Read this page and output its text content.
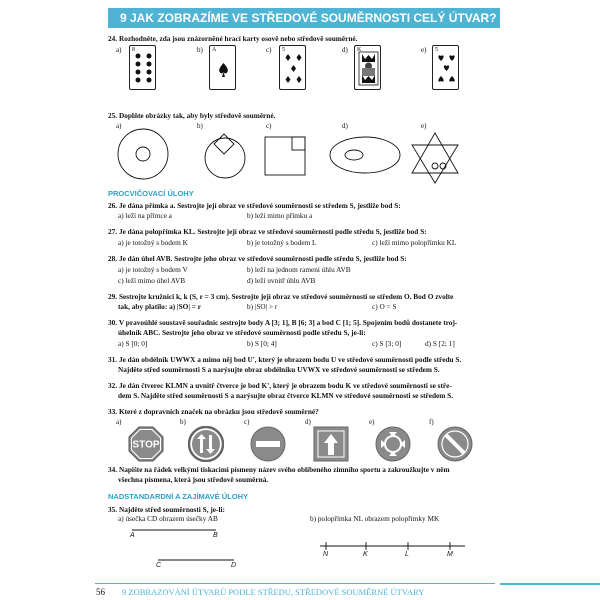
9 JAK ZOBRAZÍME VE STŘEDOVÉ SOUMĚRNOSTI CELÝ ÚTVAR?
24. Rozhodněte, zda jsou znázorněné hrací karty osově nebo středově souměrné.
a)	b)	c)	d)	e)
8	A	5	K	5
25. Doplňte obrázky tak, aby byly středově souměrné.
a)	b)	c)	d)	e)
PROCVIČOVACÍ ÚLOHY
26. Je dána přímka a. Sestrojte její obraz ve středové souměrnosti se středem S, jestliže bod S:
a) leží na přímce a	b) leží mimo přímku a
27. Je dána polopřímka KL. Sestrojte její obraz ve středové souměrnosti podle středu S, jestliže bod S:
a) je totožný s bodem K	b) je totožný s bodem L	c) leží mimo polopřímku KL
28. Je dán úhel AVB. Sestrojte jeho obraz ve středové souměrnosti podle středu S, jestliže bod S:
a) je totožný s bodem V	b) leží na jednom rameni úhlu AVB
c) leží mimo úhel AVB	d) leží uvnitř úhlu AVB
29. Sestrojte kružnici k, k (S, r = 3 cm). Sestrojte její obraz ve středové souměrnosti se středem O. Bod O zvolte
tak, aby platilo: a) |SO| = r	b) |SO| > r	c) O = S
30. V pravoúhlé soustavě souřadnic sestrojte body A [3; 1], B [6; 3] a bod C [1; 5]. Spojením bodů dostanete troj-
úhelník ABC. Sestrojte jeho obraz ve středové souměrnosti podle středu S, je-li:
a) S [0; 0]	b) S [0; 4]	c) S [3; 0]	d) S [2; 1]
31. Je dán obdélník UWWX a mimo něj bod U', který je obrazem bodu U ve středové souměrnosti podle středu S.
Najděte střed souměrnosti S a narýsujte obraz obdélníku UVWX ve středové souměrnosti se středem S.
32. Je dán čtverec KLMN a uvnitř čtverce je bod K', který je obrazem bodu K ve středové souměrnosti se stře-
dem S. Najděte střed souměrnosti S a narýsujte obraz čtverce KLMN ve středové souměrnosti se středem S.
33. Které z dopravních značek na obrázku jsou středově souměrné?
a)	b)	c)	d)	e)	f)
STOP
34. Napište na řádek velkými tiskacími písmeny název svého oblíbeného zimního sportu a zakroužkujte v něm
všechna písmena, která jsou středově souměrná.
NADSTANDARDNÍ A ZAJÍMAVÉ ÚLOHY
35. Najděte střed souměrnosti S, je-li:
a) úsečka CD obrazem úsečky AB	b) polopřímka NL obrazem polopřímky MK
A	B
C	D
N	K	L	M
56 9 ZOBRAZOVÁNÍ ÚTVARŮ PODLE STŘEDU, STŘEDOVÉ SOUMĚRNÉ ÚTVARY
